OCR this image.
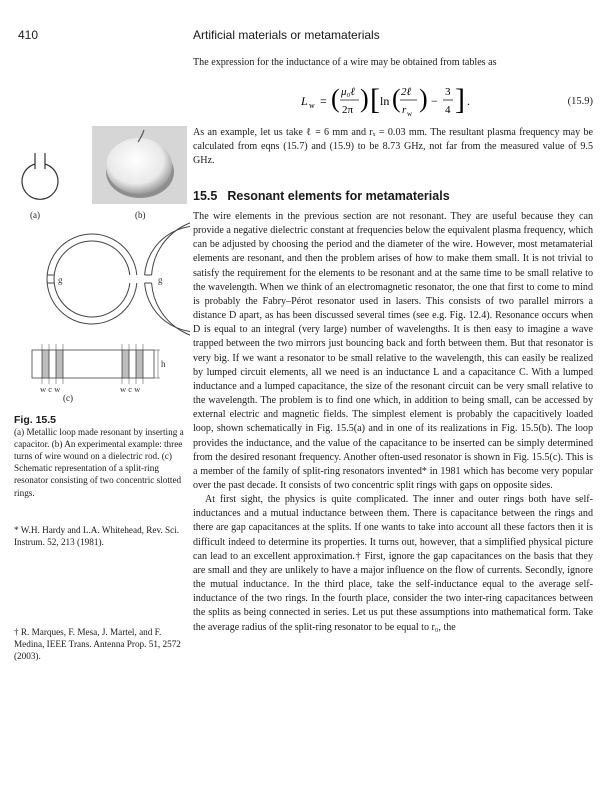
410	Artificial materials or metamaterials

The expression for the inductance of a wire may be obtained from tables as

L w = ( μ₀ℓ
2π ) [ ln ( 2ℓ
r w
) −
3
4 ] .	(15.9)

As an example, let us take ℓ = 6 mm and rₓ = 0.03 mm. The resultant plasma frequency may be calculated from eqns (15.7) and (15.9) to be 8.73 GHz, not far from the measured value of 9.5 GHz.

15.5 Resonant elements for metamaterials

The wire elements in the previous section are not resonant. They are useful because they can provide a negative dielectric constant at frequencies below the equivalent plasma frequency, which can be adjusted by choosing the period and the diameter of the wire. However, most metamaterial elements are resonant, and then the problem arises of how to make them small. It is not trivial to satisfy the requirement for the elements to be resonant and at the same time to be small relative to the wavelength. When we think of an electromagnetic resonator, the one that first to come to mind is probably the Fabry–Pérot resonator used in lasers. This consists of two parallel mirrors a distance D apart, as has been discussed several times (see e.g. Fig. 12.4). Resonance occurs when D is equal to an integral (very large) number of wavelengths. It is then easy to imagine a wave trapped between the two mirrors just bouncing back and forth between them. But that resonator is very big. If we want a resonator to be small relative to the wavelength, this can easily be realized by lumped circuit elements, all we need is an inductance L and a capacitance C. With a lumped inductance and a lumped capacitance, the size of the resonant circuit can be very small relative to the wavelength. The problem is to find one which, in addition to being small, can be accessed by external electric and magnetic fields. The simplest element is probably the capacitively loaded loop, shown schematically in Fig. 15.5(a) and in one of its realizations in Fig. 15.5(b). The loop provides the inductance, and the value of the capacitance to be inserted can be simply determined from the desired resonant frequency. Another often-used resonator is shown in Fig. 15.5(c). This is a member of the family of split-ring resonators invented* in 1981 which has become very popular over the past decade. It consists of two concentric split rings with gaps on opposite sides.

At first sight, the physics is quite complicated. The inner and outer rings both have self-inductances and a mutual inductance between them. There is capacitance between the rings and there are gap capacitances at the splits. If one wants to take into account all these factors then it is difficult indeed to determine its properties. It turns out, however, that a simplified physical picture can lead to an excellent approximation.† First, ignore the gap capacitances on the basis that they are small and they are unlikely to have a major influence on the flow of currents. Secondly, ignore the mutual inductance. In the third place, take the self-inductance equal to the average self-inductance of the two rings. In the fourth place, consider the two inter-ring capacitances between the splits as being connected in series. Let us put these assumptions into mathematical form. Take the average radius of the split-ring resonator to be equal to r₀, the

(a)	(b)
g	g
h
w c w	w c w
(c)
Fig. 15.5
(a) Metallic loop made resonant by inserting a capacitor. (b) An experimental example: three turns of wire wound on a dielectric rod. (c) Schematic representation of a split-ring resonator consisting of two concentric slotted rings.
* W.H. Hardy and L.A. Whitehead, Rev. Sci. Instrum. 52, 213 (1981).
† R. Marques, F. Mesa, J. Martel, and F. Medina, IEEE Trans. Antenna Prop. 51, 2572 (2003).
